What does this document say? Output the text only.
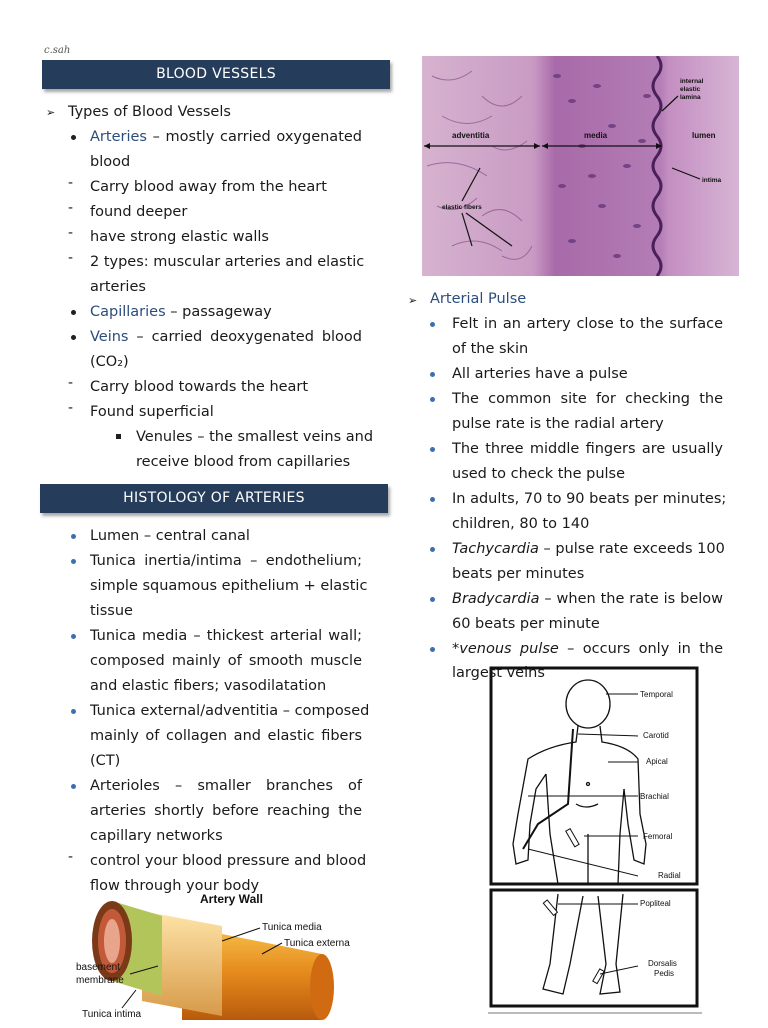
c.sah
BLOOD VESSELS
➢ Types of Blood Vessels
Arteries – mostly carried oxygenated
blood
- Carry blood away from the heart
- found deeper
- have strong elastic walls
- 2 types: muscular arteries and elastic
arteries
Capillaries – passageway
Veins – carried deoxygenated blood
(CO₂)
- Carry blood towards the heart
- Found superficial
Venules – the smallest veins and
receive blood from capillaries
HISTOLOGY OF ARTERIES
Lumen – central canal
Tunica inertia/intima – endothelium;
simple squamous epithelium + elastic
tissue
Tunica media – thickest arterial wall;
composed mainly of smooth muscle
and elastic fibers; vasodilatation
Tunica external/adventitia – composed
mainly of collagen and elastic fibers
(CT)
Arterioles – smaller branches of
arteries shortly before reaching the
capillary networks
- control your blood pressure and blood
flow through your body
Artery Wall
Tunica media
Tunica externa
basement
membrane
Tunica intima
internal
elastic
lamina
adventitia	media	lumen
intima
elastic fibers
➢ Arterial Pulse
Felt in an artery close to the surface
of the skin
All arteries have a pulse
The common site for checking the
pulse rate is the radial artery
The three middle fingers are usually
used to check the pulse
In adults, 70 to 90 beats per minutes;
children, 80 to 140
Tachycardia – pulse rate exceeds 100
beats per minutes
Bradycardia – when the rate is below
60 beats per minute
*venous pulse – occurs only in the
largest veins
Temporal
Carotid
Apical
Brachial
Femoral
Radial
Popliteal
Dorsalis
Pedis
